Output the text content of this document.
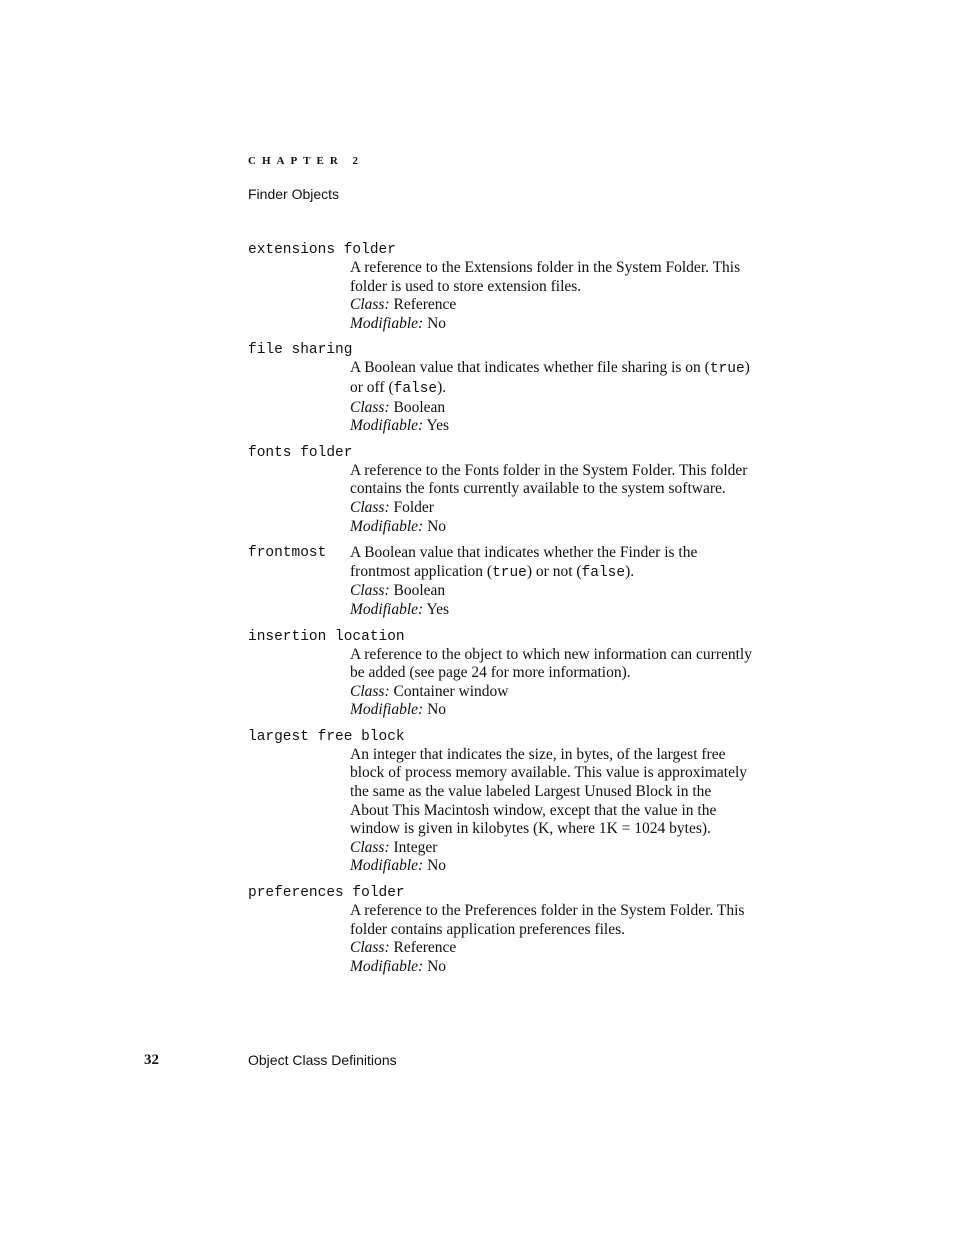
CHAPTER 2
Finder Objects
extensions folder
A reference to the Extensions folder in the System Folder. This
folder is used to store extension files.
Class: Reference
Modifiable: No
file sharing
A Boolean value that indicates whether file sharing is on (true)
or off (false).
Class: Boolean
Modifiable: Yes
fonts folder
A reference to the Fonts folder in the System Folder. This folder
contains the fonts currently available to the system software.
Class: Folder
Modifiable: No
frontmost A Boolean value that indicates whether the Finder is the
frontmost application (true) or not (false).
Class: Boolean
Modifiable: Yes
insertion location
A reference to the object to which new information can currently
be added (see page 24 for more information).
Class: Container window
Modifiable: No
largest free block
An integer that indicates the size, in bytes, of the largest free
block of process memory available. This value is approximately
the same as the value labeled Largest Unused Block in the
About This Macintosh window, except that the value in the
window is given in kilobytes (K, where 1K = 1024 bytes).
Class: Integer
Modifiable: No
preferences folder
A reference to the Preferences folder in the System Folder. This
folder contains application preferences files.
Class: Reference
Modifiable: No
32	Object Class Definitions
